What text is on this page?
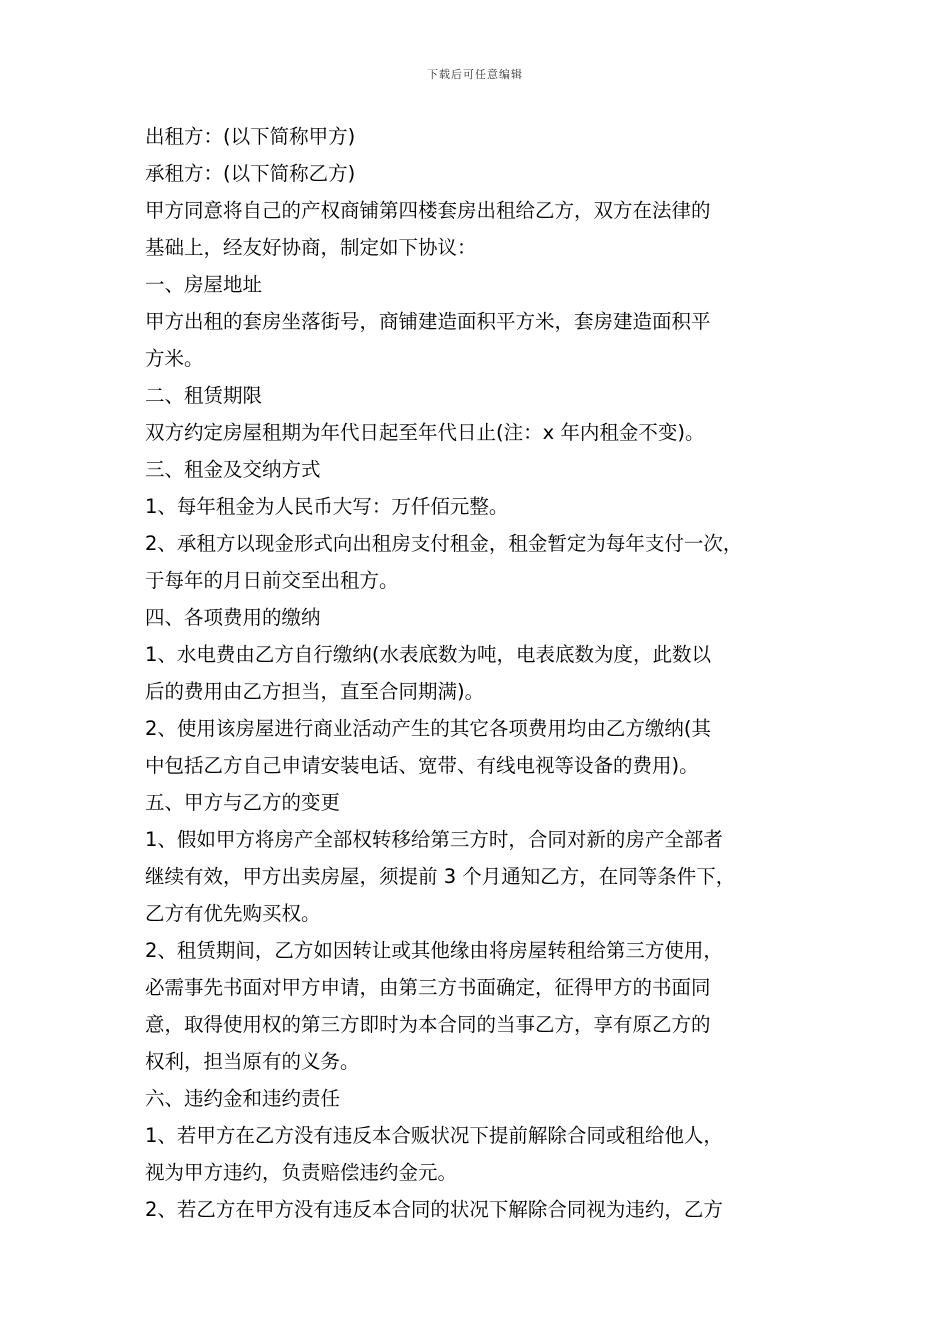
下载后可任意编辑
出租方：(以下简称甲方)
承租方：(以下简称乙方)
甲方同意将自己的产权商铺第四楼套房出租给乙方，双方在法律的
基础上，经友好协商，制定如下协议：
一、房屋地址
甲方出租的套房坐落街号，商铺建造面积平方米，套房建造面积平
方米。
二、租赁期限
双方约定房屋租期为年代日起至年代日止(注：x 年内租金不变)。
三、租金及交纳方式
1、每年租金为人民币大写：万仟佰元整。
2、承租方以现金形式向出租房支付租金，租金暂定为每年支付一次，
于每年的月日前交至出租方。
四、各项费用的缴纳
1、水电费由乙方自行缴纳(水表底数为吨，电表底数为度，此数以
后的费用由乙方担当，直至合同期满)。
2、使用该房屋进行商业活动产生的其它各项费用均由乙方缴纳(其
中包括乙方自己申请安装电话、宽带、有线电视等设备的费用)。
五、甲方与乙方的变更
1、假如甲方将房产全部权转移给第三方时，合同对新的房产全部者
继续有效，甲方出卖房屋，须提前 3 个月通知乙方，在同等条件下，
乙方有优先购买权。
2、租赁期间，乙方如因转让或其他缘由将房屋转租给第三方使用，
必需事先书面对甲方申请，由第三方书面确定，征得甲方的书面同
意，取得使用权的第三方即时为本合同的当事乙方，享有原乙方的
权利，担当原有的义务。
六、违约金和违约责任
1、若甲方在乙方没有违反本合贩状况下提前解除合同或租给他人，
视为甲方违约，负责赔偿违约金元。
2、若乙方在甲方没有违反本合同的状况下解除合同视为违约，乙方
